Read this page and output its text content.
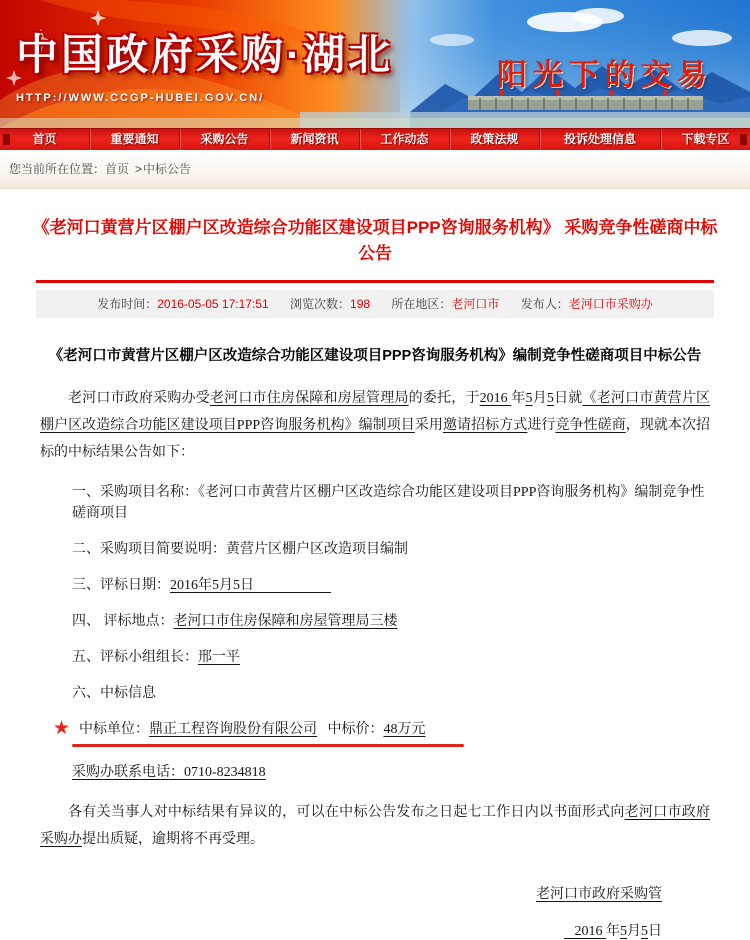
中国政府采购·湖北
HTTP://WWW.CCGP-HUBEI.GOV.CN/
阳光下的交易
首页	重要通知	采购公告	新闻资讯	工作动态	政策法规	投诉处理信息	下载专区
您当前所在位置：首页 >中标公告
《老河口黄营片区棚户区改造综合功能区建设项目PPP咨询服务机构》 采购竞争性磋商中标公告
发布时间：2016-05-05 17:17:51 浏览次数：198 所在地区：老河口市 发布人：老河口市采购办
《老河口市黄营片区棚户区改造综合功能区建设项目PPP咨询服务机构》编制竞争性磋商项目中标公告

老河口市政府采购办受老河口市住房保障和房屋管理局的委托，于2016 年5月5日就《老河口市黄营片区棚户区改造综合功能区建设项目PPP咨询服务机构》编制项目采用邀请招标方式进行竞争性磋商，现就本次招标的中标结果公告如下：

一、采购项目名称：《老河口市黄营片区棚户区改造综合功能区建设项目PPP咨询服务机构》编制竞争性磋商项目

二、采购项目简要说明：黄营片区棚户区改造项目编制

三、评标日期：2016年5月5日

四、 评标地点：老河口市住房保障和房屋管理局三楼

五、评标小组组长：邢一平

六、中标信息

★ 中标单位：鼎正工程咨询股份有限公司   中标价：48万元

采购办联系电话：0710-8234818

各有关当事人对中标结果有异议的，可以在中标公告发布之日起七工作日内以书面形式向老河口市政府采购办提出质疑，逾期将不再受理。

老河口市政府采购管

2016 年5月5日
